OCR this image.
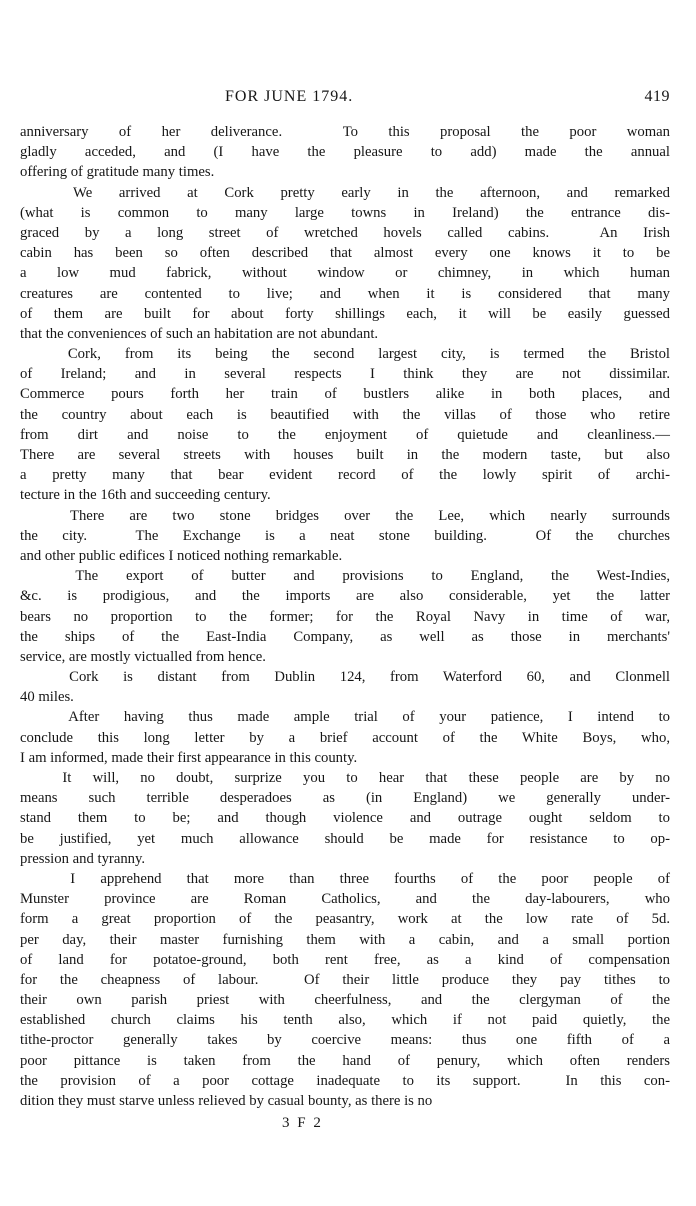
FOR JUNE 1794.	419
anniversary of her deliverance.  To this proposal the poor woman
gladly acceded, and (I have the pleasure to add) made the annual
offering of gratitude many times.
We arrived at Cork pretty early in the afternoon, and remarked
(what is common to many large towns in Ireland) the entrance dis-
graced by a long street of wretched hovels called cabins.  An Irish
cabin has been so often described that almost every one knows it to be
a low mud fabrick, without window or chimney, in which human
creatures are contented to live; and when it is considered that many
of them are built for about forty shillings each, it will be easily guessed
that the conveniences of such an habitation are not abundant.
Cork, from its being the second largest city, is termed the Bristol
of Ireland; and in several respects I think they are not dissimilar.
Commerce pours forth her train of bustlers alike in both places, and
the country about each is beautified with the villas of those who retire
from dirt and noise to the enjoyment of quietude and cleanliness.—
There are several streets with houses built in the modern taste, but also
a pretty many that bear evident record of the lowly spirit of archi-
tecture in the 16th and succeeding century.
There are two stone bridges over the Lee, which nearly surrounds
the city.  The Exchange is a neat stone building.  Of the churches
and other public edifices I noticed nothing remarkable.
The export of butter and provisions to England, the West-Indies,
&c. is prodigious, and the imports are also considerable, yet the latter
bears no proportion to the former; for the Royal Navy in time of war,
the ships of the East-India Company, as well as those in merchants'
service, are mostly victualled from hence.
Cork is distant from Dublin 124, from Waterford 60, and Clonmell
40 miles.
After having thus made ample trial of your patience, I intend to
conclude this long letter by a brief account of the White Boys, who,
I am informed, made their first appearance in this county.
It will, no doubt, surprize you to hear that these people are by no
means such terrible desperadoes as (in England) we generally under-
stand them to be; and though violence and outrage ought seldom to
be justified, yet much allowance should be made for resistance to op-
pression and tyranny.
I apprehend that more than three fourths of the poor people of
Munster province are Roman Catholics, and the day-labourers, who
form a great proportion of the peasantry, work at the low rate of 5d.
per day, their master furnishing them with a cabin, and a small portion
of land for potatoe-ground, both rent free, as a kind of compensation
for the cheapness of labour.  Of their little produce they pay tithes to
their own parish priest with cheerfulness, and the clergyman of the
established church claims his tenth also, which if not paid quietly, the
tithe-proctor generally takes by coercive means: thus one fifth of a
poor pittance is taken from the hand of penury, which often renders
the provision of a poor cottage inadequate to its support.  In this con-
dition they must starve unless relieved by casual bounty, as there is no
3 F 2
